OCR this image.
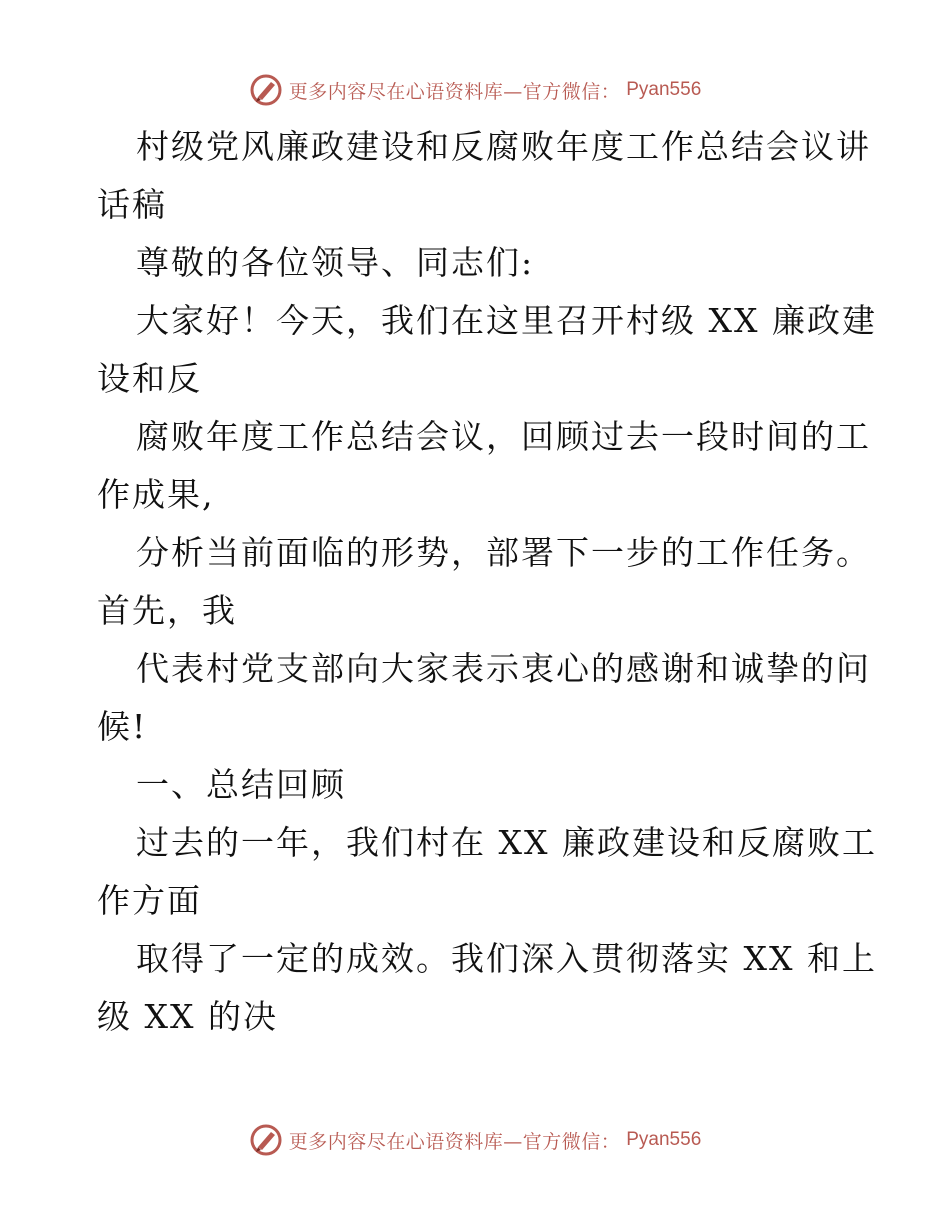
更多内容尽在心语资料库—官方微信： Pyan556
村级党风廉政建设和反腐败年度工作总结会议讲
话稿
尊敬的各位领导、同志们:
大家好！今天，我们在这里召开村级 XX 廉政建
设和反
腐败年度工作总结会议，回顾过去一段时间的工
作成果,
分析当前面临的形势，部署下一步的工作任务。
首先，我
代表村党支部向大家表示衷心的感谢和诚挚的问
候!
一、总结回顾
过去的一年，我们村在 XX 廉政建设和反腐败工
作方面
取得了一定的成效。我们深入贯彻落实 XX 和上
级 XX 的决
更多内容尽在心语资料库—官方微信： Pyan556
